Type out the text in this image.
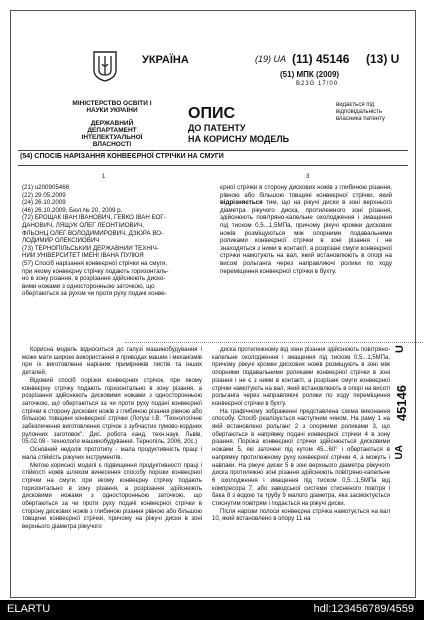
УКРАЇНА	(19) UA (11) 45146 (13) U
(51) МПК (2009)
B23G 17/00
МІНІСТЕРСТВО ОСВІТИ І НАУКИ УКРАЇНИ
ДЕРЖАВНИЙ ДЕПАРТАМЕНТ ІНТЕЛЕКТУАЛЬНОЇ ВЛАСНОСТІ
ОПИС
ДО ПАТЕНТУ
НА КОРИСНУ МОДЕЛЬ
видається під відповідальність власника патенту
(54) СПОСІБ НАРІЗАННЯ КОНВЕЄРНОЇ СТРІЧКИ НА СМУГИ
1	3
(21) u200905466
(22) 29.05.2009
(24) 26.10.2009
(46) 26.10.2009, Бюл.№ 20, 2009 р.
(72) БРОЩАК ІВАН ІВАНОВИЧ, ГЕВКО ІВАН БОГ-
ДАНОВИЧ, ЛЯЩУК ОЛЕГ ЛЕОНТІЙОВИЧ,
ФЛЬОНЦ ОЛЕГ ВОЛОДИМИРОВИЧ, ДЗЮРА ВО-
ЛОДИМИР ОЛЕКСІЙОВИЧ
(73) ТЕРНОПІЛЬСЬКИЙ ДЕРЖАВНИЙ ТЕХНІЧ-
НИЙ УНІВЕРСИТЕТ ІМЕНІ ІВАНА ПУЛЮЯ
(57) Спосіб нарізання конвеєрної стрічки на смуги,
при якому конвеєрну стрічку подають горизонталь-
но в зону різання, в розрізання здійснюють диско-
вими ножами з односторонньою заточкою, що
обертаються за рухом чи проти руху подачі конве-
єрної стрічки в сторону дискових ножів з глибиною різання, рівною або більшою товщині конвеєрної стрічки, який відрізняється тим, що на рікучі диски в зоні верхнього діаметра рікучого диска, протилежного зоні різання, здійснюють повітряно-капельне охолодження і змащення під тиском 0,5...1,5МПа, причому рікучі кромки дискових ножів розміщуються між опорними подавальними роликами конвеєрної стрічки в зоні різання і не знаходяться з ними в контакті, а розрізані смуги конвеєрної стрічки намотують на вал, який встановлюють в опорі на високі рольганга через направляючі ролики по ходу переміщення конвеєрної стрічки в бухту.

Корисна модель відноситься до галузі машинобудування і може мати широке використання в приводах машин і механізмів при їх виготовленні нарізних примірників листів та інших деталей.

Відомий спосіб порізки конвеєрних стрічок, при якому конвеєрну стрічку подають горизонтально в зону різання, а розрізання здійснюють дисковими ножами з односторонньою заточкою, що обертаються за чи проти руху подачі конвеєрної стрічки в сторону дискових ножів з глибиною різання рівною або більшою товщини конвеєрної стрічки (Логуш І.В. "Технологічне забезпечення виготовлення стрічок з зубчастих гумово-кордних рулонних заготовок". Дис. робота канд. техн.наук. Львів, 05.02.08 - технологія машинобудування. Тернопіль, 2006, 20с.)

Основний недолік прототипу - мала продуктивність праці і мала стійкість ріжучих інструментів.

Метою корисної моделі є підвищення продуктивності праці і стійкості ножів шляхом винесення способу порізки конвеєрної стрічки на смуги, при якому конвеєрну стрічку подають горизонтально в зону різання, а розрізання здійснюють дисковими ножами з односторонньою заточкою, що обертаються за чи проти руху подачі конвеєрної стрічки в сторону дискових ножів з глибиною різання рівною або більшою товщини конвеєрної стрічки, причому на ріжучі диски в зоні верхнього діаметра ріжучого

диска протилежному від зони різання здійснюють повітряно-капельне охолодження і змащення під тиском 0,5...1,5МПа, причому ріжучі кромки дискових ножів розміщують в зоні між опорними подавальними роликами конвеєрної стрічки в зоні різання і не є з ними в контакті, а розрізані смуги конвеєрної стрічки намотують на вал, який встановлюють в опорі на висоті рольганга через направляючі ролики по ходу переміщення конвеєрної стрічки в бухту.

На графічному зображенні представлена схема виконання способу. Спосіб реалізується наступним чином. На раму 1 на якій встановлено рольганг 2 з опорними роликами 3, що обертаються в напрямку подачі конвеєрної стрічки 4 в зону різання. Порізка конвеєрної стрічки здійснюється дисковими ножами 5, які заточені під кутом 45...60° і обертаються в напрямку протилежному руху конвеєрної стрічки 4, а можуть і навпаки. На ріжучі диски 5 в зоні верхнього діаметра ріжучого диска протилежно зоні різання здійснюють повітряно-капельне 6 охолодження і змащення під тиском 0,5...1,5МПа від компресора 7, або заводської системи стисненого повітря і бака 8 з водою та трубу 9 малого діаметра, яка засмоктується стиснутим повітрям і подається на ріжучі диски.

Після нарізки полоси конвеєрна стрічка намотується на вал 10, який встановлено в опору 11 на

U
45146
UA
ELARTU	hdl:123456789/4559
